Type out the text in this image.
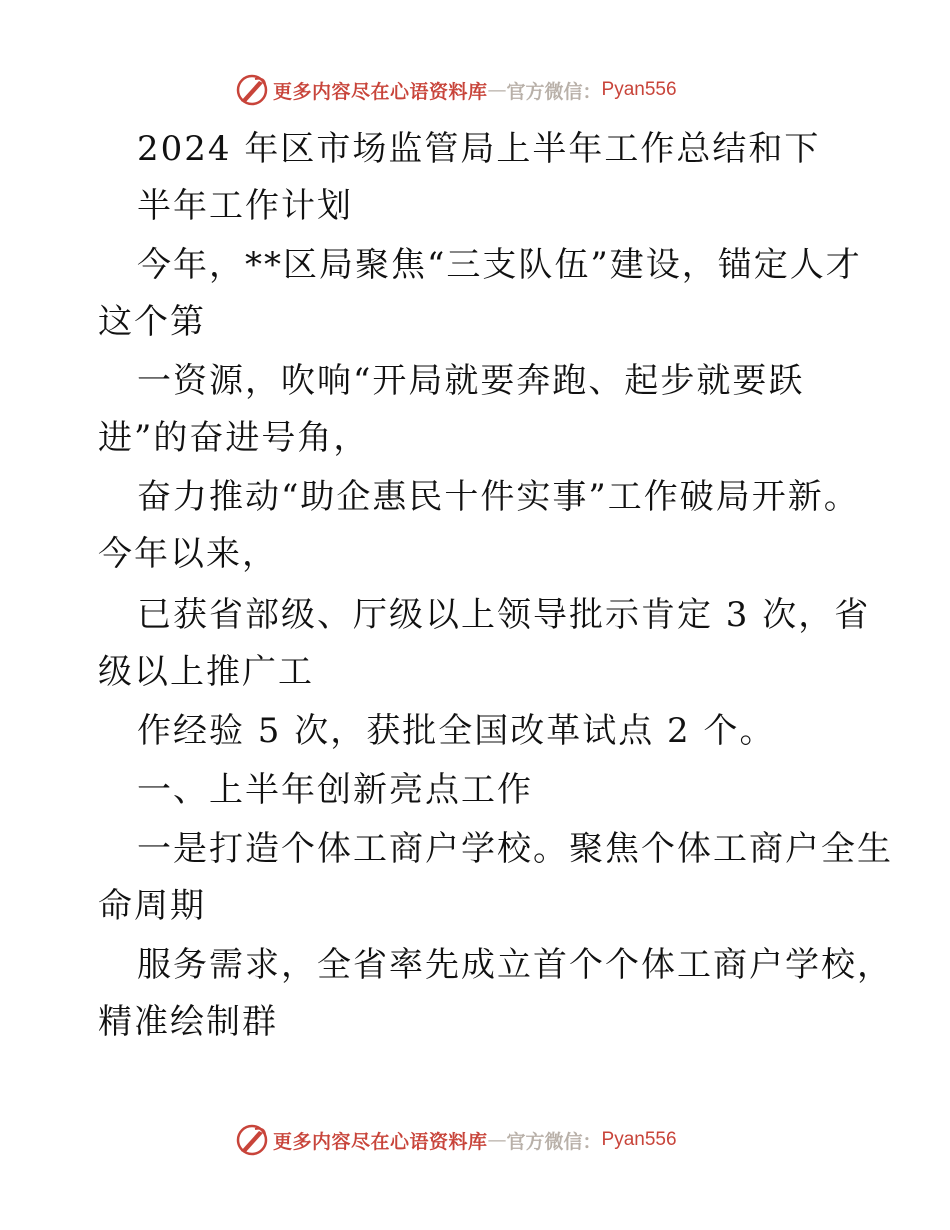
更多内容尽在心语资料库 — 官方微信： Pyan556
2024 年区市场监管局上半年工作总结和下
半年工作计划
今年，**区局聚焦“三支队伍”建设，锚定人才
这个第
一资源，吹响“开局就要奔跑、起步就要跃
进”的奋进号角，
奋力推动“助企惠民十件实事”工作破局开新。
今年以来，
已获省部级、厅级以上领导批示肯定 3 次，省
级以上推广工
作经验 5 次，获批全国改革试点 2 个。
一、上半年创新亮点工作
一是打造个体工商户学校。聚焦个体工商户全生
命周期
服务需求，全省率先成立首个个体工商户学校，
精准绘制群
更多内容尽在心语资料库 — 官方微信： Pyan556
